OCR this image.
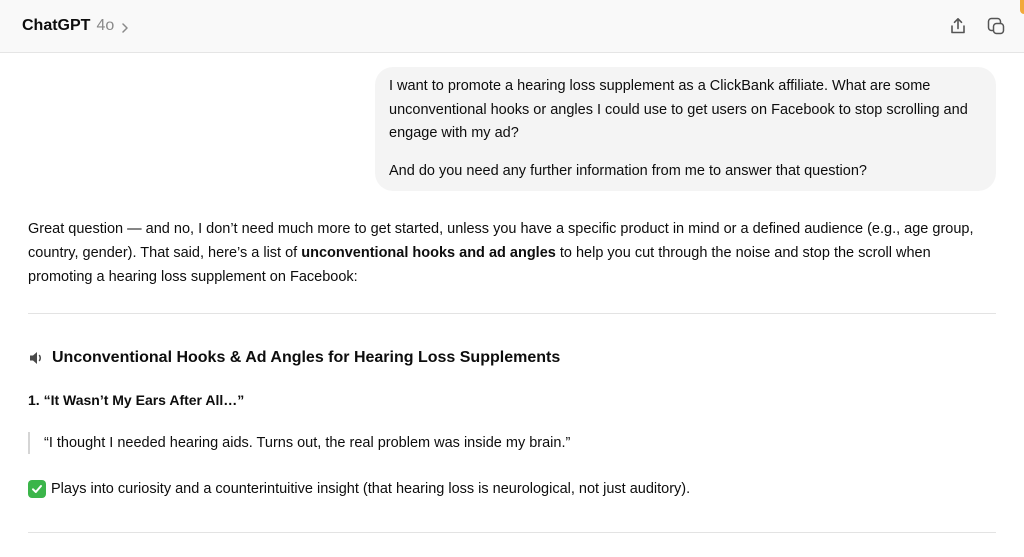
ChatGPT 4o

I want to promote a hearing loss supplement as a ClickBank affiliate. What are some unconventional hooks or angles I could use to get users on Facebook to stop scrolling and engage with my ad?

And do you need any further information from me to answer that question?

Great question — and no, I don’t need much more to get started, unless you have a specific product in mind or a defined audience (e.g., age group, country, gender). That said, here’s a list of unconventional hooks and ad angles to help you cut through the noise and stop the scroll when promoting a hearing loss supplement on Facebook:

Unconventional Hooks & Ad Angles for Hearing Loss Supplements
1. “It Wasn’t My Ears After All…”
“I thought I needed hearing aids. Turns out, the real problem was inside my brain.”
Plays into curiosity and a counterintuitive insight (that hearing loss is neurological, not just auditory).
